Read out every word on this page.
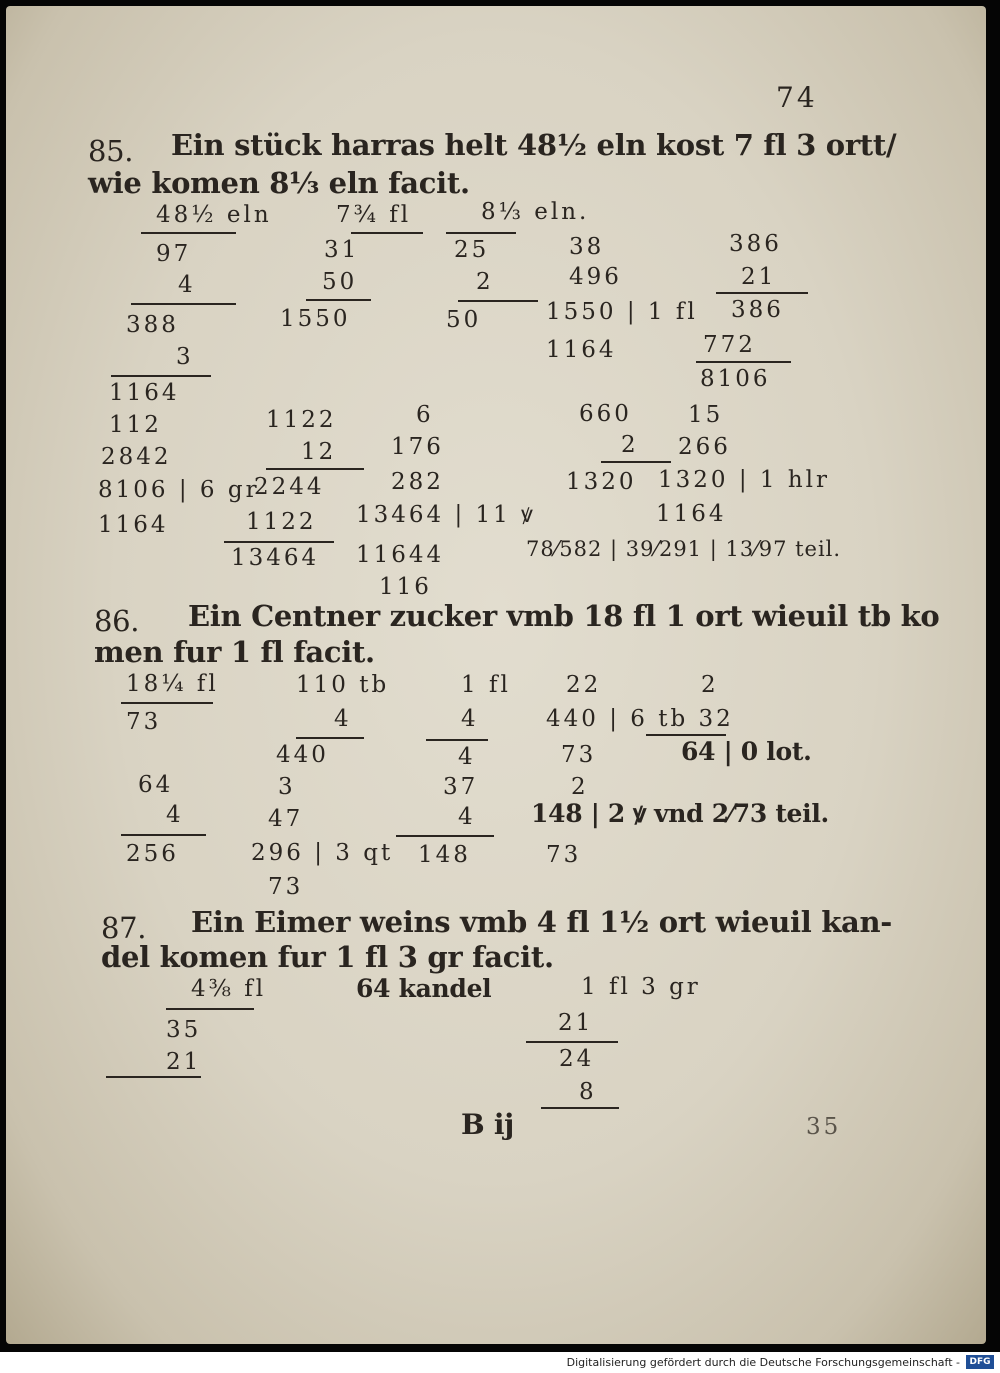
74
85. Ein stück harras helt 48½ eln kost 7 fl 3 ortt/
wie komen 8⅓ eln facit.
48½ eln	7¾ fl	8⅓ eln.
97
4
388
3
1164
31
50
1550
25
2
50
38
496
1550 | 1 fl
1164
386
21
386
772
8106
112
2842
8106 | 6 gr
1164
1122
12
2244
1122
13464
6
176
282
13464 | 11 ꝟ
11644
116
660
2
1320
15
266
1320 | 1 hlr
1164
78⁄582 | 39⁄291 | 13⁄97 teil.
86. Ein Centner zucker vmb 18 fl 1 ort wieuil tb ko
men fur 1 fl facit.
18¼ fl
73
64
4
256
110 tb
4
440
3
47
296 | 3 qt
73
1 fl
4
4
37
4
148
22
440 | 6 tb 32
73	64 | 0 lot.
2
148 | 2 ꝟ vnd 2⁄73 teil.
73
2
87. Ein Eimer weins vmb 4 fl 1½ ort wieuil kan-
del komen fur 1 fl 3 gr facit.
4⅜ fl	64 kandel	1 fl 3 gr
35
21
21
24
8
B ij	35
Digitalisierung gefördert durch die Deutsche Forschungsgemeinschaft -	DFG
